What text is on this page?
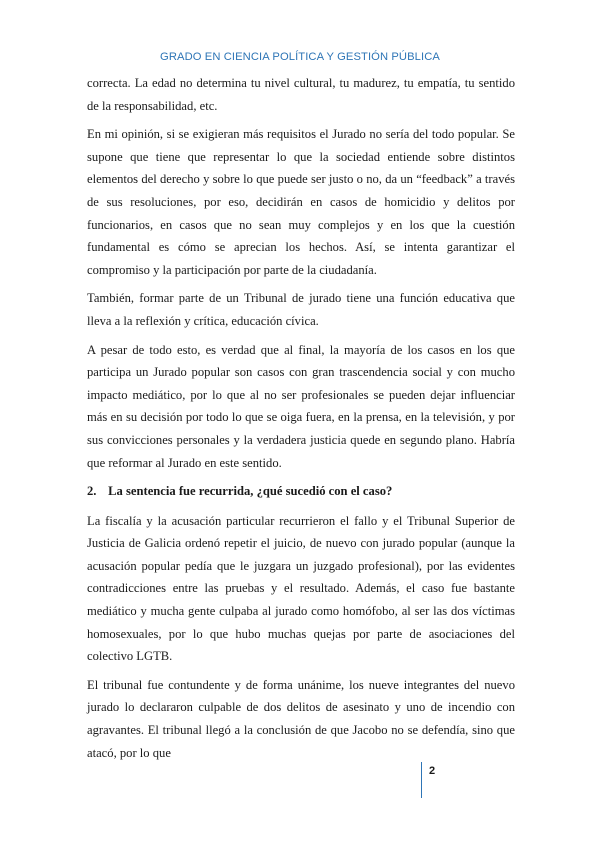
GRADO EN CIENCIA POLÍTICA Y GESTIÓN PÚBLICA

correcta. La edad no determina tu nivel cultural, tu madurez, tu empatía, tu sentido de la responsabilidad, etc.

En mi opinión, si se exigieran más requisitos el Jurado no sería del todo popular. Se supone que tiene que representar lo que la sociedad entiende sobre distintos elementos del derecho y sobre lo que puede ser justo o no, da un “feedback” a través de sus resoluciones, por eso, decidirán en casos de homicidio y delitos por funcionarios, en casos que no sean muy complejos y en los que la cuestión fundamental es cómo se aprecian los hechos. Así, se intenta garantizar el compromiso y la participación por parte de la ciudadanía.

También, formar parte de un Tribunal de jurado tiene una función educativa que lleva a la reflexión y crítica, educación cívica.

A pesar de todo esto, es verdad que al final, la mayoría de los casos en los que participa un Jurado popular son casos con gran trascendencia social y con mucho impacto mediático, por lo que al no ser profesionales se pueden dejar influenciar más en su decisión por todo lo que se oiga fuera, en la prensa, en la televisión, y por sus convicciones personales y la verdadera justicia quede en segundo plano. Habría que reformar al Jurado en este sentido.

2. La sentencia fue recurrida, ¿qué sucedió con el caso?

La fiscalía y la acusación particular recurrieron el fallo y el Tribunal Superior de Justicia de Galicia ordenó repetir el juicio, de nuevo con jurado popular (aunque la acusación popular pedía que le juzgara un juzgado profesional), por las evidentes contradicciones entre las pruebas y el resultado. Además, el caso fue bastante mediático y mucha gente culpaba al jurado como homófobo, al ser las dos víctimas homosexuales, por lo que hubo muchas quejas por parte de asociaciones del colectivo LGTB.

El tribunal fue contundente y de forma unánime, los nueve integrantes del nuevo jurado lo declararon culpable de dos delitos de asesinato y uno de incendio con agravantes. El tribunal llegó a la conclusión de que Jacobo no se defendía, sino que atacó, por lo que

2
